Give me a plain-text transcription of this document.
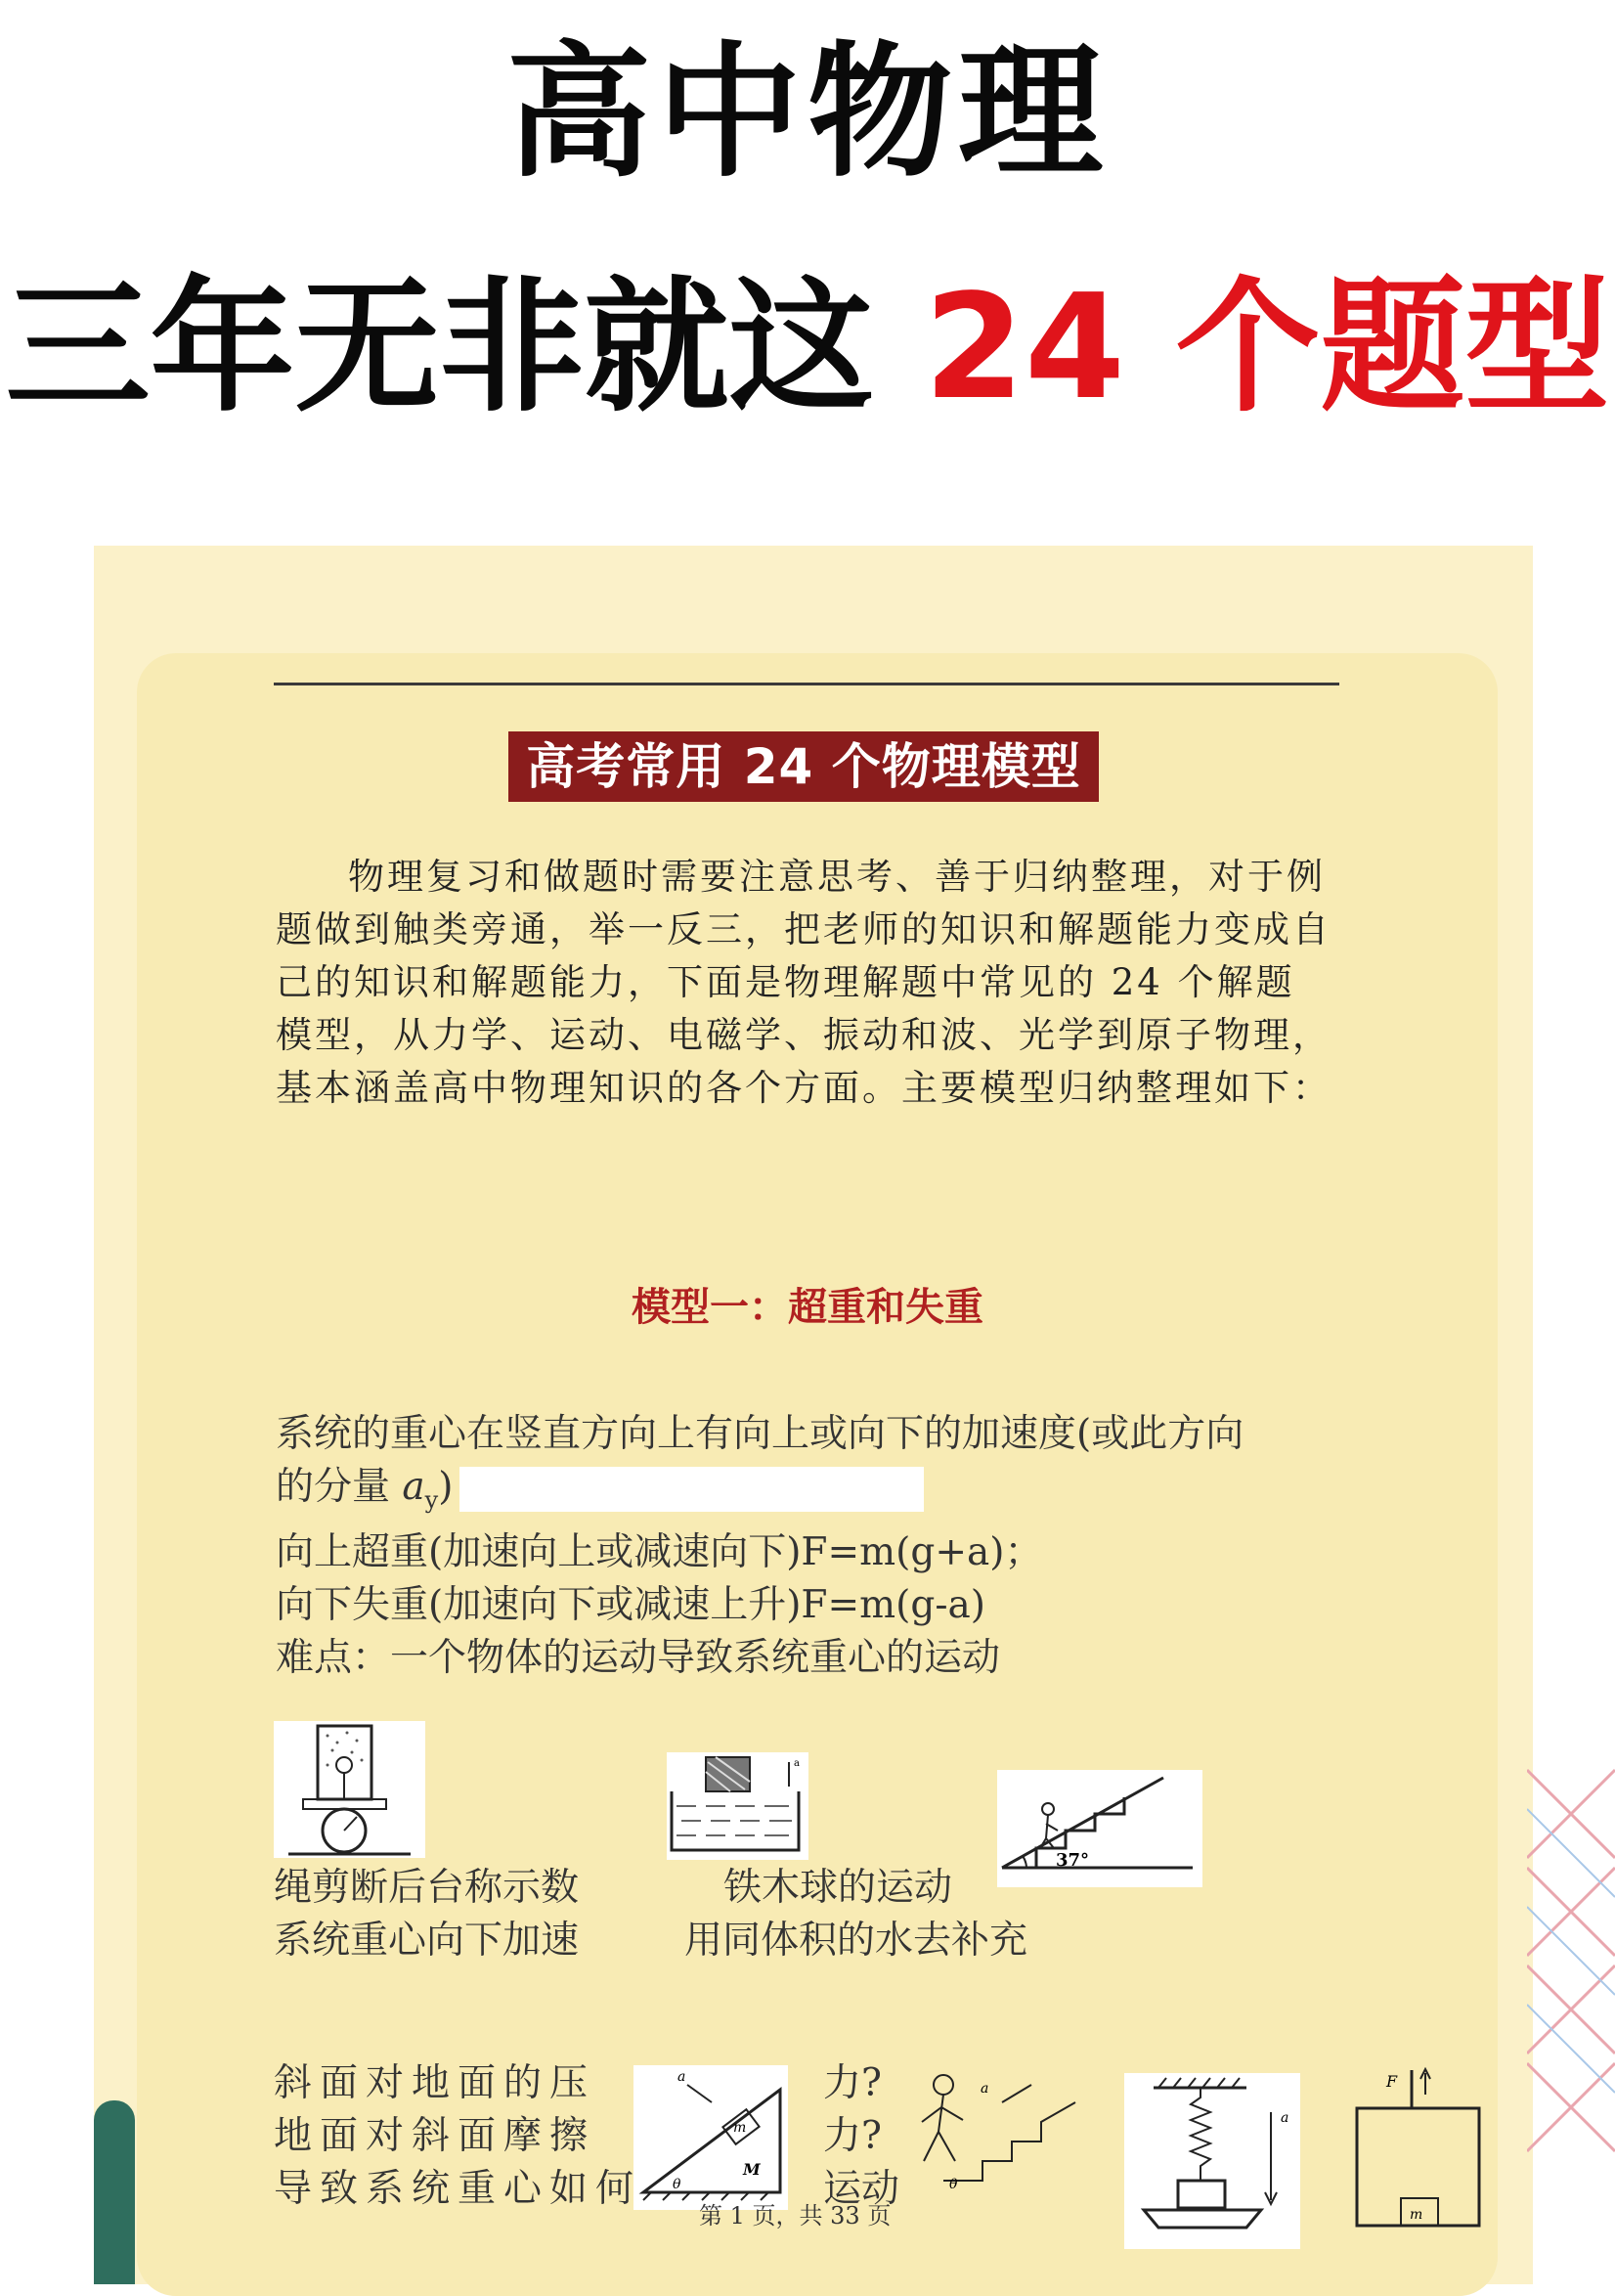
高中物理
三年无非就这 24 个题型
高考常用 24 个物理模型

物理复习和做题时需要注意思考、善于归纳整理，对于例题做到触类旁通，举一反三，把老师的知识和解题能力变成自己的知识和解题能力，下面是物理解题中常见的 24 个解题模型，从力学、运动、电磁学、振动和波、光学到原子物理，基本涵盖高中物理知识的各个方面。主要模型归纳整理如下：

模型一：超重和失重
系统的重心在竖直方向上有向上或向下的加速度(或此方向
的分量 $a_y$)
向上超重(加速向上或减速向下)F=m(g+a)；
向下失重(加速向下或减速上升)F=m(g-a)
难点：一个物体的运动导致系统重心的运动
a
37°
绳剪断后台称示数
系统重心向下加速
铁木球的运动
用同体积的水去补充
斜面对地面的压
地面对斜面摩擦
导致系统重心如何
m
M
a
θ
力?
力?
运动
a
θ
a
F
m
第 1 页，共 33 页
